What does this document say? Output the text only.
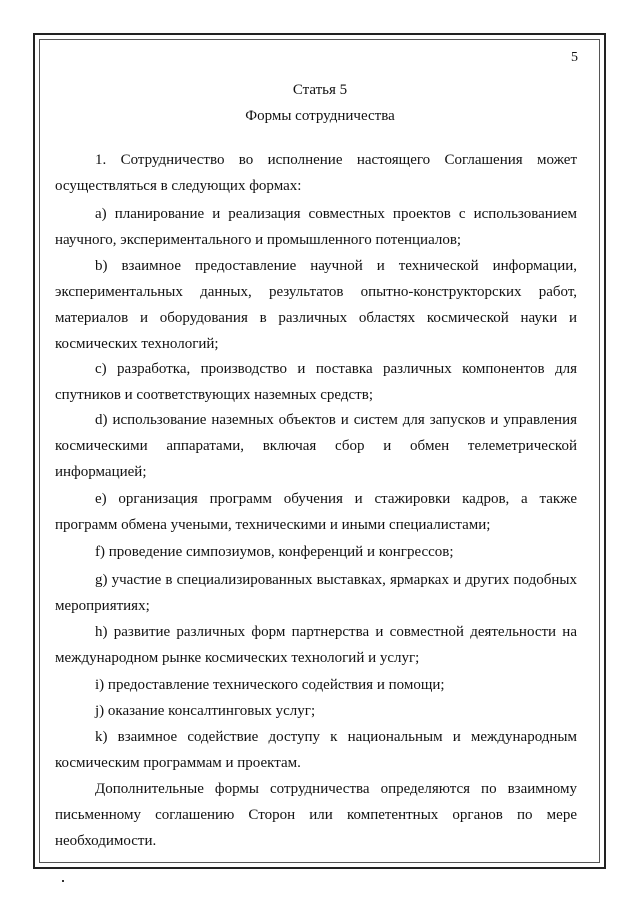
5
Статья 5
Формы сотрудничества

1. Сотрудничество во исполнение настоящего Соглашения может осуществляться в следующих формах:

a) планирование и реализация совместных проектов с использованием научного, экспериментального и промышленного потенциалов;

b) взаимное предоставление научной и технической информации, экспериментальных данных, результатов опытно-конструкторских работ, материалов и оборудования в различных областях космической науки и космических технологий;

c) разработка, производство и поставка различных компонентов для спутников и соответствующих наземных средств;

d) использование наземных объектов и систем для запусков и управления космическими аппаратами, включая сбор и обмен телеметрической информацией;

e) организация программ обучения и стажировки кадров, а также программ обмена учеными, техническими и иными специалистами;

f) проведение симпозиумов, конференций и конгрессов;

g) участие в специализированных выставках, ярмарках и других подобных мероприятиях;

h) развитие различных форм партнерства и совместной деятельности на международном рынке космических технологий и услуг;

i) предоставление технического содействия и помощи;

j) оказание консалтинговых услуг;

k) взаимное содействие доступу к национальным и международным космическим программам и проектам.

Дополнительные формы сотрудничества определяются по взаимному письменному соглашению Сторон или компетентных органов по мере необходимости.
